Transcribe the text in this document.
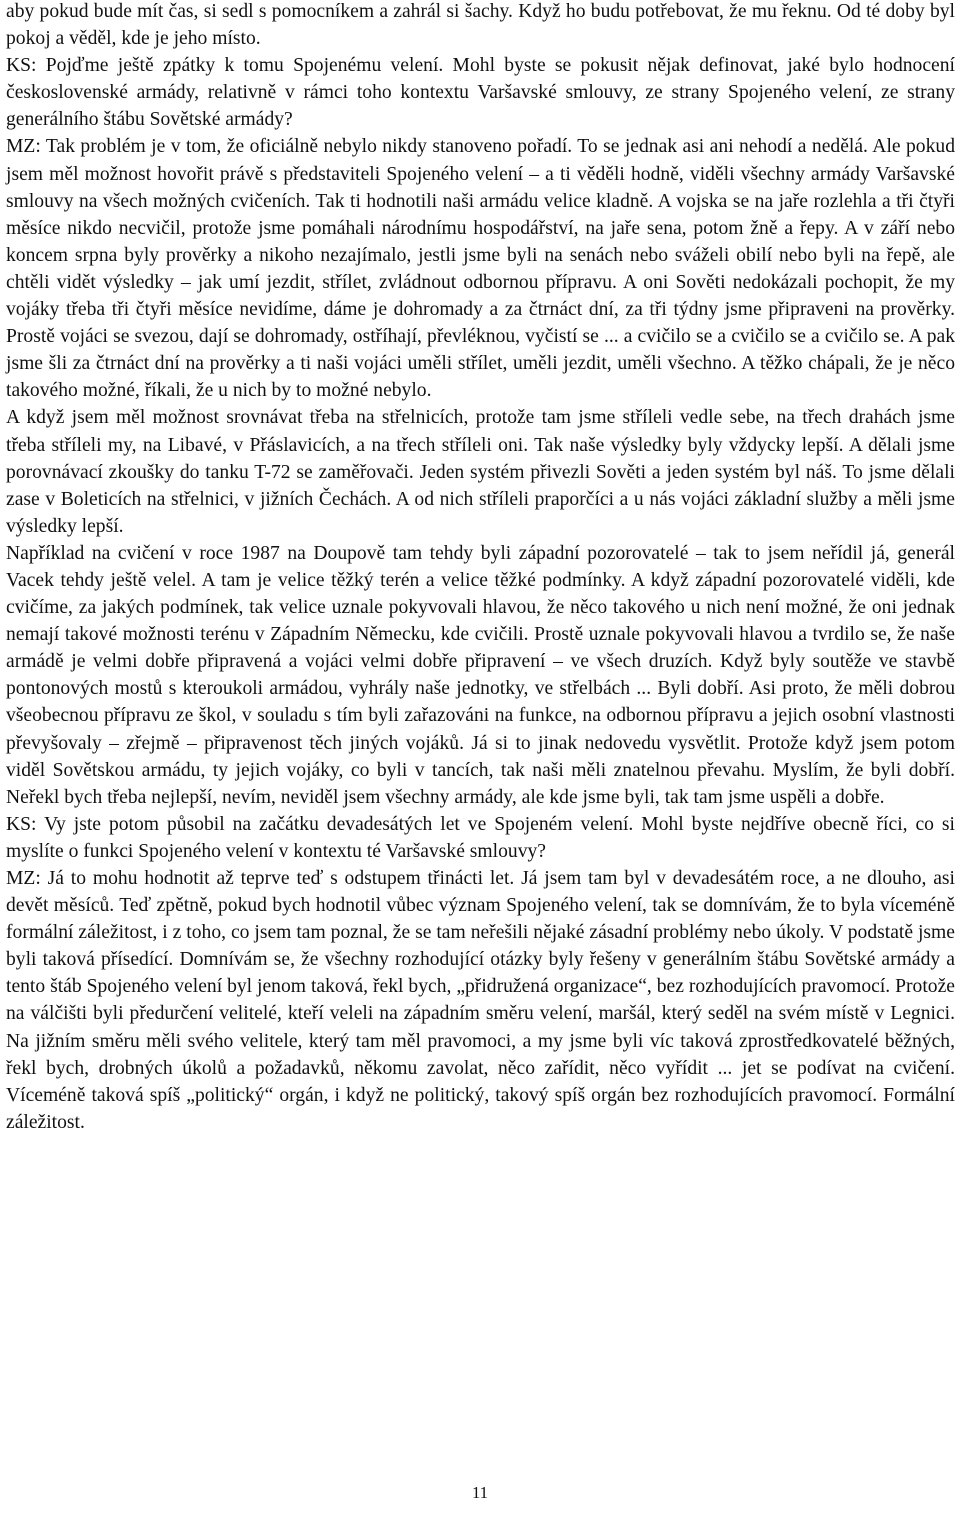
aby pokud bude mít čas, si sedl s pomocníkem a zahrál si šachy. Když ho budu potřebovat, že mu řeknu. Od té doby byl pokoj a věděl, kde je jeho místo.

KS: Pojďme ještě zpátky k tomu Spojenému velení. Mohl byste se pokusit nějak definovat, jaké bylo hodnocení československé armády, relativně v rámci toho kontextu Varšavské smlouvy, ze strany Spojeného velení, ze strany generálního štábu Sovětské armády?

MZ: Tak problém je v tom, že oficiálně nebylo nikdy stanoveno pořadí. To se jednak asi ani nehodí a nedělá. Ale pokud jsem měl možnost hovořit právě s představiteli Spojeného velení – a ti věděli hodně, viděli všechny armády Varšavské smlouvy na všech možných cvičeních. Tak ti hodnotili naši armádu velice kladně. A vojska se na jaře rozlehla a tři čtyři měsíce nikdo necvičil, protože jsme pomáhali národnímu hospodářství, na jaře sena, potom žně a řepy. A v září nebo koncem srpna byly prověrky a nikoho nezajímalo, jestli jsme byli na senách nebo sváželi obilí nebo byli na řepě, ale chtěli vidět výsledky – jak umí jezdit, střílet, zvládnout odbornou přípravu. A oni Sověti nedokázali pochopit, že my vojáky třeba tři čtyři měsíce nevidíme, dáme je dohromady a za čtrnáct dní, za tři týdny jsme připraveni na prověrky. Prostě vojáci se svezou, dají se dohromady, ostříhají, převléknou, vyčistí se ... a cvičilo se a cvičilo se a cvičilo se. A pak jsme šli za čtrnáct dní na prověrky a ti naši vojáci uměli střílet, uměli jezdit, uměli všechno. A těžko chápali, že je něco takového možné, říkali, že u nich by to možné nebylo.

A když jsem měl možnost srovnávat třeba na střelnicích, protože tam jsme stříleli vedle sebe, na třech drahách jsme třeba stříleli my, na Libavé, v Přáslavicích, a na třech stříleli oni. Tak naše výsledky byly vždycky lepší. A dělali jsme porovnávací zkoušky do tanku T-72 se zaměřovači. Jeden systém přivezli Sověti a jeden systém byl náš. To jsme dělali zase v Boleticích na střelnici, v jižních Čechách. A od nich stříleli praporčíci a u nás vojáci základní služby a měli jsme výsledky lepší.

Například na cvičení v roce 1987 na Doupově tam tehdy byli západní pozorovatelé – tak to jsem neřídil já, generál Vacek tehdy ještě velel. A tam je velice těžký terén a velice těžké podmínky. A když západní pozorovatelé viděli, kde cvičíme, za jakých podmínek, tak velice uznale pokyvovali hlavou, že něco takového u nich není možné, že oni jednak nemají takové možnosti terénu v Západním Německu, kde cvičili. Prostě uznale pokyvovali hlavou a tvrdilo se, že naše armádě je velmi dobře připravená a vojáci velmi dobře připravení – ve všech druzích. Když byly soutěže ve stavbě pontonových mostů s kteroukoli armádou, vyhrály naše jednotky, ve střelbách ... Byli dobří. Asi proto, že měli dobrou všeobecnou přípravu ze škol, v souladu s tím byli zařazováni na funkce, na odbornou přípravu a jejich osobní vlastnosti převyšovaly – zřejmě – připravenost těch jiných vojáků. Já si to jinak nedovedu vysvětlit. Protože když jsem potom viděl Sovětskou armádu, ty jejich vojáky, co byli v tancích, tak naši měli znatelnou převahu. Myslím, že byli dobří. Neřekl bych třeba nejlepší, nevím, neviděl jsem všechny armády, ale kde jsme byli, tak tam jsme uspěli a dobře.

KS: Vy jste potom působil na začátku devadesátých let ve Spojeném velení. Mohl byste nejdříve obecně říci, co si myslíte o funkci Spojeného velení v kontextu té Varšavské smlouvy?

MZ: Já to mohu hodnotit až teprve teď s odstupem třinácti let. Já jsem tam byl v devadesátém roce, a ne dlouho, asi devět měsíců. Teď zpětně, pokud bych hodnotil vůbec význam Spojeného velení, tak se domnívám, že to byla víceméně formální záležitost, i z toho, co jsem tam poznal, že se tam neřešili nějaké zásadní problémy nebo úkoly. V podstatě jsme byli taková přísedící. Domnívám se, že všechny rozhodující otázky byly řešeny v generálním štábu Sovětské armády a tento štáb Spojeného velení byl jenom taková, řekl bych, „přidružená organizace“, bez rozhodujících pravomocí. Protože na válčišti byli předurčení velitelé, kteří veleli na západním směru velení, maršál, který seděl na svém místě v Legnici. Na jižním směru měli svého velitele, který tam měl pravomoci, a my jsme byli víc taková zprostředkovatelé běžných, řekl bych, drobných úkolů a požadavků, někomu zavolat, něco zařídit, něco vyřídit ... jet se podívat na cvičení. Víceméně taková spíš „politický“ orgán, i když ne politický, takový spíš orgán bez rozhodujících pravomocí. Formální záležitost.

11
